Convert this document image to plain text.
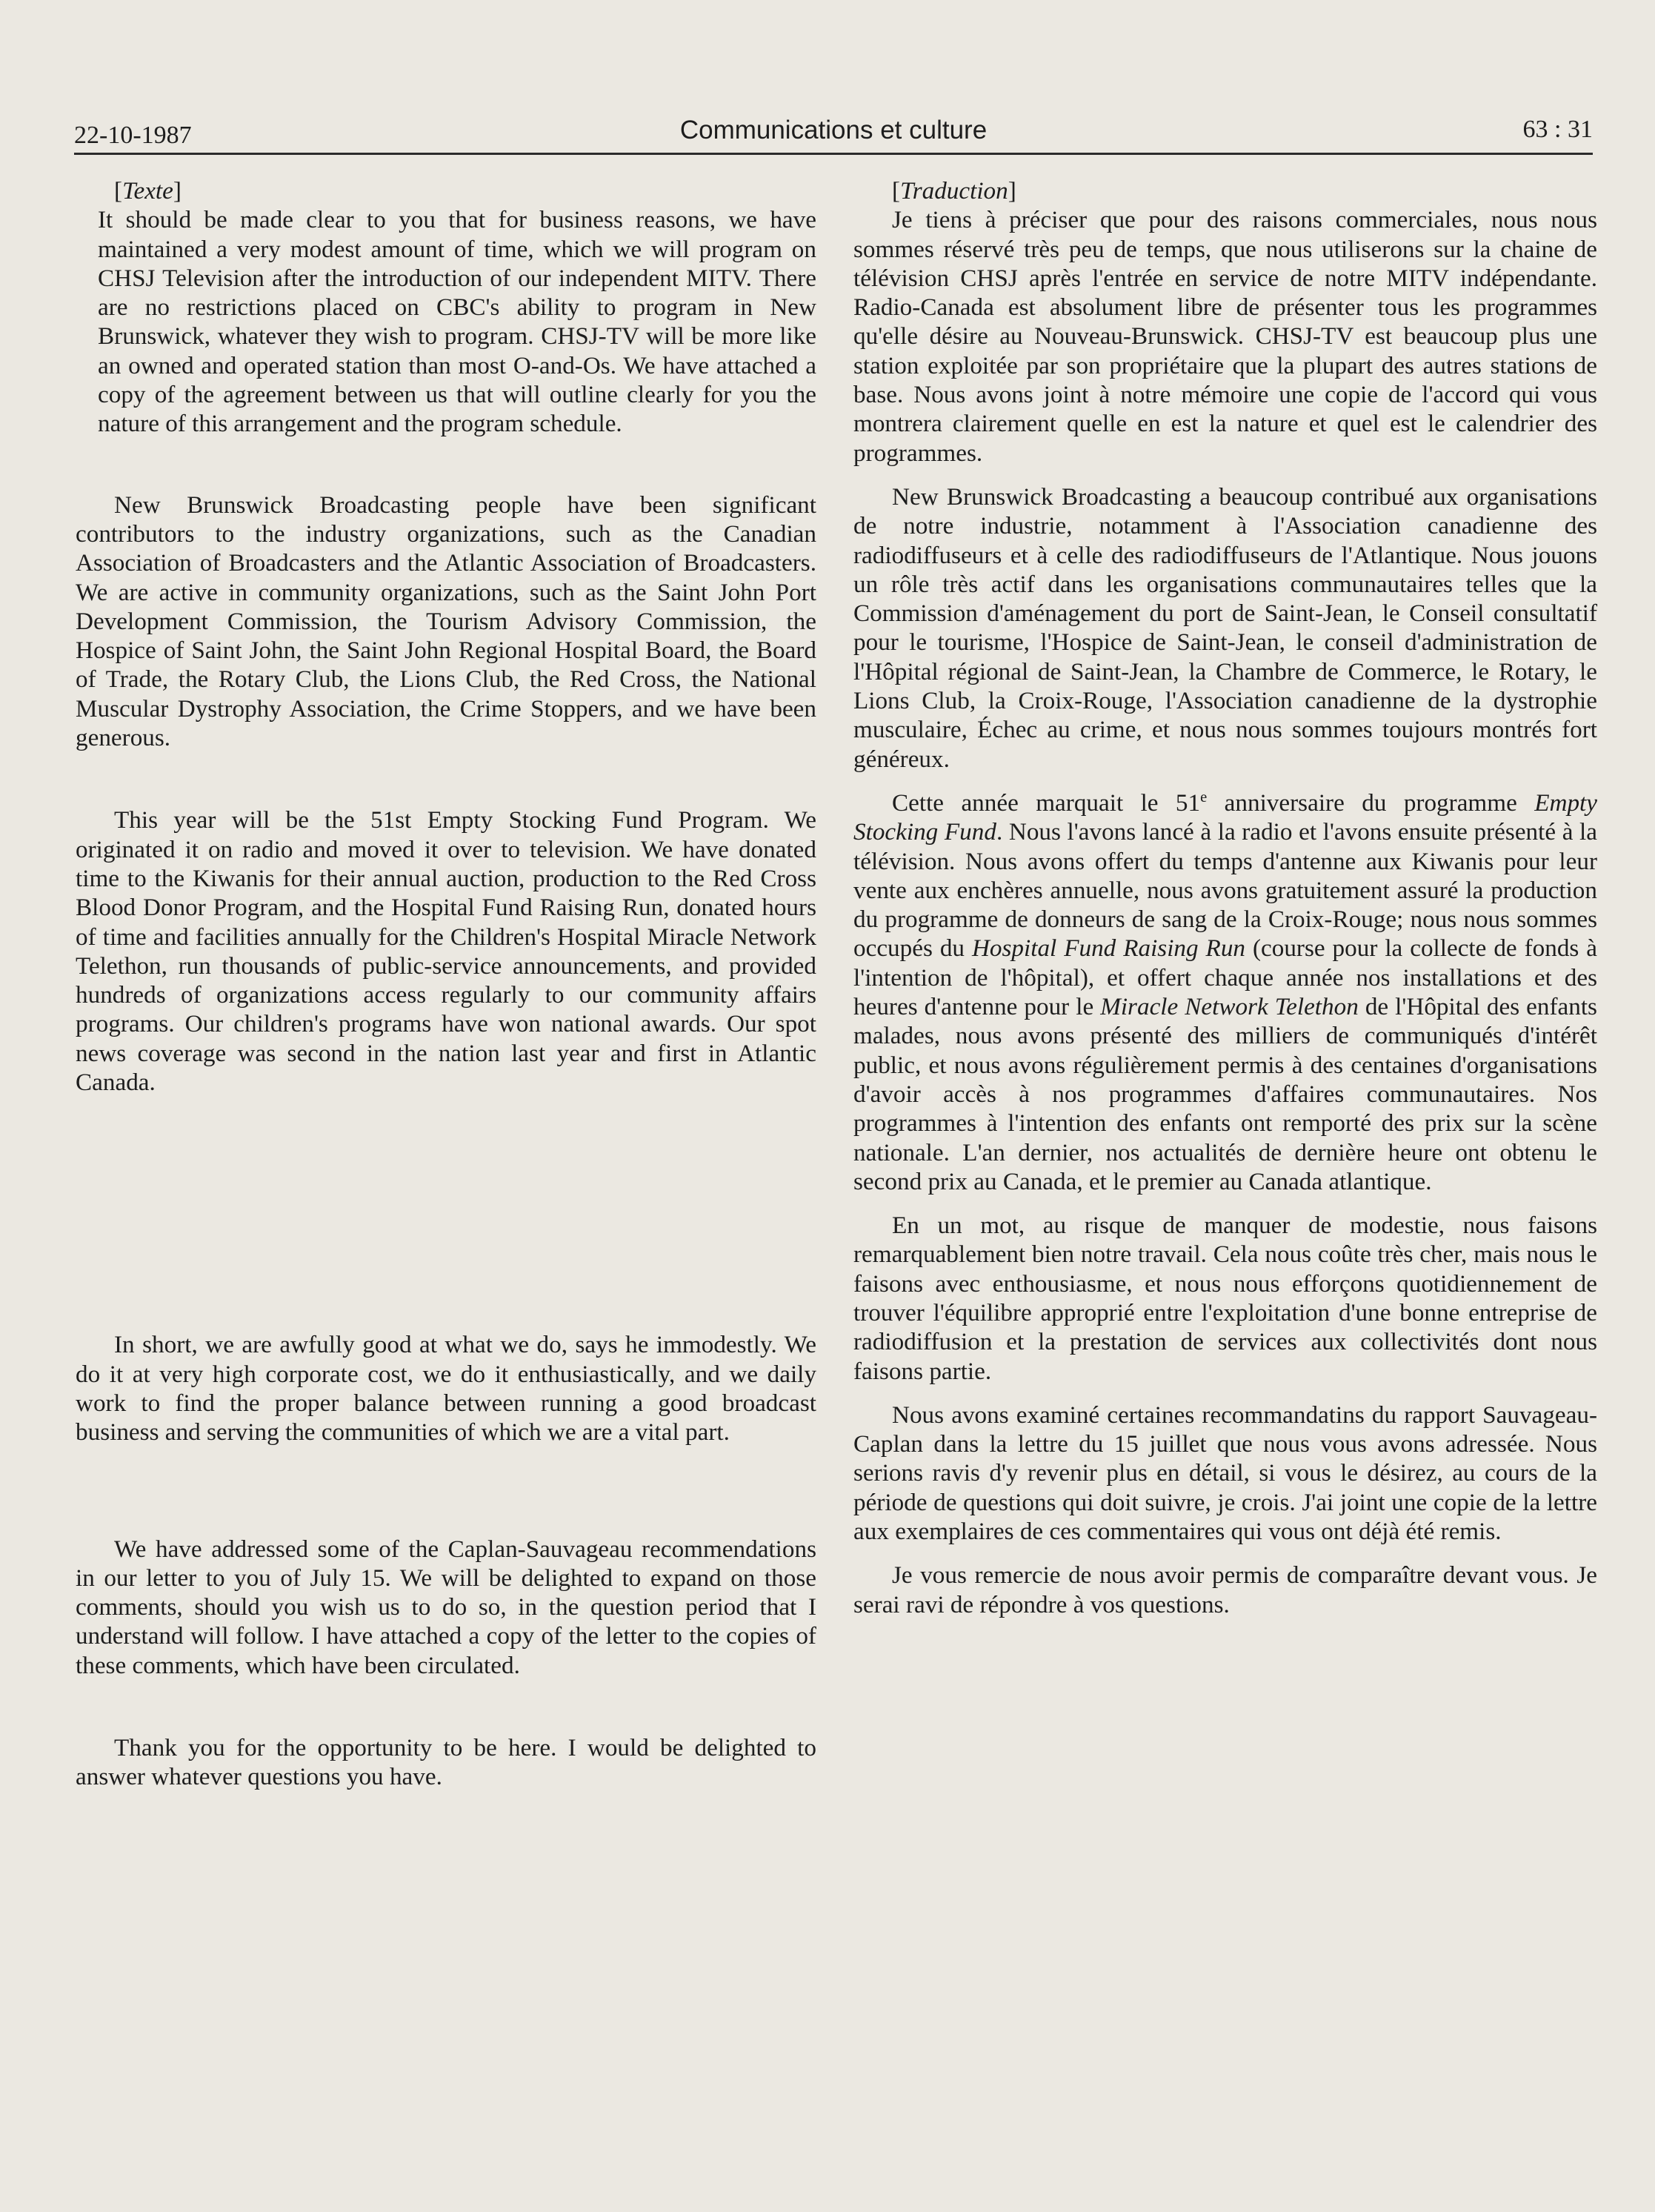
22-10-1987	Communications et culture	63 : 31

[Texte]

It should be made clear to you that for business reasons, we have maintained a very modest amount of time, which we will program on CHSJ Television after the introduction of our independent MITV. There are no restrictions placed on CBC's ability to program in New Brunswick, whatever they wish to program. CHSJ-TV will be more like an owned and operated station than most O-and-Os. We have attached a copy of the agreement between us that will outline clearly for you the nature of this arrangement and the program schedule.

New Brunswick Broadcasting people have been significant contributors to the industry organizations, such as the Canadian Association of Broadcasters and the Atlantic Association of Broadcasters. We are active in community organizations, such as the Saint John Port Development Commission, the Tourism Advisory Commission, the Hospice of Saint John, the Saint John Regional Hospital Board, the Board of Trade, the Rotary Club, the Lions Club, the Red Cross, the National Muscular Dystrophy Association, the Crime Stoppers, and we have been generous.

This year will be the 51st Empty Stocking Fund Program. We originated it on radio and moved it over to television. We have donated time to the Kiwanis for their annual auction, production to the Red Cross Blood Donor Program, and the Hospital Fund Raising Run, donated hours of time and facilities annually for the Children's Hospital Miracle Network Telethon, run thousands of public-service announcements, and provided hundreds of organizations access regularly to our community affairs programs. Our children's programs have won national awards. Our spot news coverage was second in the nation last year and first in Atlantic Canada.

In short, we are awfully good at what we do, says he immodestly. We do it at very high corporate cost, we do it enthusiastically, and we daily work to find the proper balance between running a good broadcast business and serving the communities of which we are a vital part.

We have addressed some of the Caplan-Sauvageau recommendations in our letter to you of July 15. We will be delighted to expand on those comments, should you wish us to do so, in the question period that I understand will follow. I have attached a copy of the letter to the copies of these comments, which have been circulated.

Thank you for the opportunity to be here. I would be delighted to answer whatever questions you have.

[Traduction]

Je tiens à préciser que pour des raisons commerciales, nous nous sommes réservé très peu de temps, que nous utiliserons sur la chaine de télévision CHSJ après l'entrée en service de notre MITV indépendante. Radio-Canada est absolument libre de présenter tous les programmes qu'elle désire au Nouveau-Brunswick. CHSJ-TV est beaucoup plus une station exploitée par son propriétaire que la plupart des autres stations de base. Nous avons joint à notre mémoire une copie de l'accord qui vous montrera clairement quelle en est la nature et quel est le calendrier des programmes.

New Brunswick Broadcasting a beaucoup contribué aux organisations de notre industrie, notamment à l'Association canadienne des radiodiffuseurs et à celle des radiodiffuseurs de l'Atlantique. Nous jouons un rôle très actif dans les organisations communautaires telles que la Commission d'aménagement du port de Saint-Jean, le Conseil consultatif pour le tourisme, l'Hospice de Saint-Jean, le conseil d'administration de l'Hôpital régional de Saint-Jean, la Chambre de Commerce, le Rotary, le Lions Club, la Croix-Rouge, l'Association canadienne de la dystrophie musculaire, Échec au crime, et nous nous sommes toujours montrés fort généreux.

Cette année marquait le 51e anniversaire du programme Empty Stocking Fund. Nous l'avons lancé à la radio et l'avons ensuite présenté à la télévision. Nous avons offert du temps d'antenne aux Kiwanis pour leur vente aux enchères annuelle, nous avons gratuitement assuré la production du programme de donneurs de sang de la Croix-Rouge; nous nous sommes occupés du Hospital Fund Raising Run (course pour la collecte de fonds à l'intention de l'hôpital), et offert chaque année nos installations et des heures d'antenne pour le Miracle Network Telethon de l'Hôpital des enfants malades, nous avons présenté des milliers de communiqués d'intérêt public, et nous avons régulièrement permis à des centaines d'organisations d'avoir accès à nos programmes d'affaires communautaires. Nos programmes à l'intention des enfants ont remporté des prix sur la scène nationale. L'an dernier, nos actualités de dernière heure ont obtenu le second prix au Canada, et le premier au Canada atlantique.

En un mot, au risque de manquer de modestie, nous faisons remarquablement bien notre travail. Cela nous coûte très cher, mais nous le faisons avec enthousiasme, et nous nous efforçons quotidiennement de trouver l'équilibre approprié entre l'exploitation d'une bonne entreprise de radiodiffusion et la prestation de services aux collectivités dont nous faisons partie.

Nous avons examiné certaines recommandatins du rapport Sauvageau-Caplan dans la lettre du 15 juillet que nous vous avons adressée. Nous serions ravis d'y revenir plus en détail, si vous le désirez, au cours de la période de questions qui doit suivre, je crois. J'ai joint une copie de la lettre aux exemplaires de ces commentaires qui vous ont déjà été remis.

Je vous remercie de nous avoir permis de comparaître devant vous. Je serai ravi de répondre à vos questions.
